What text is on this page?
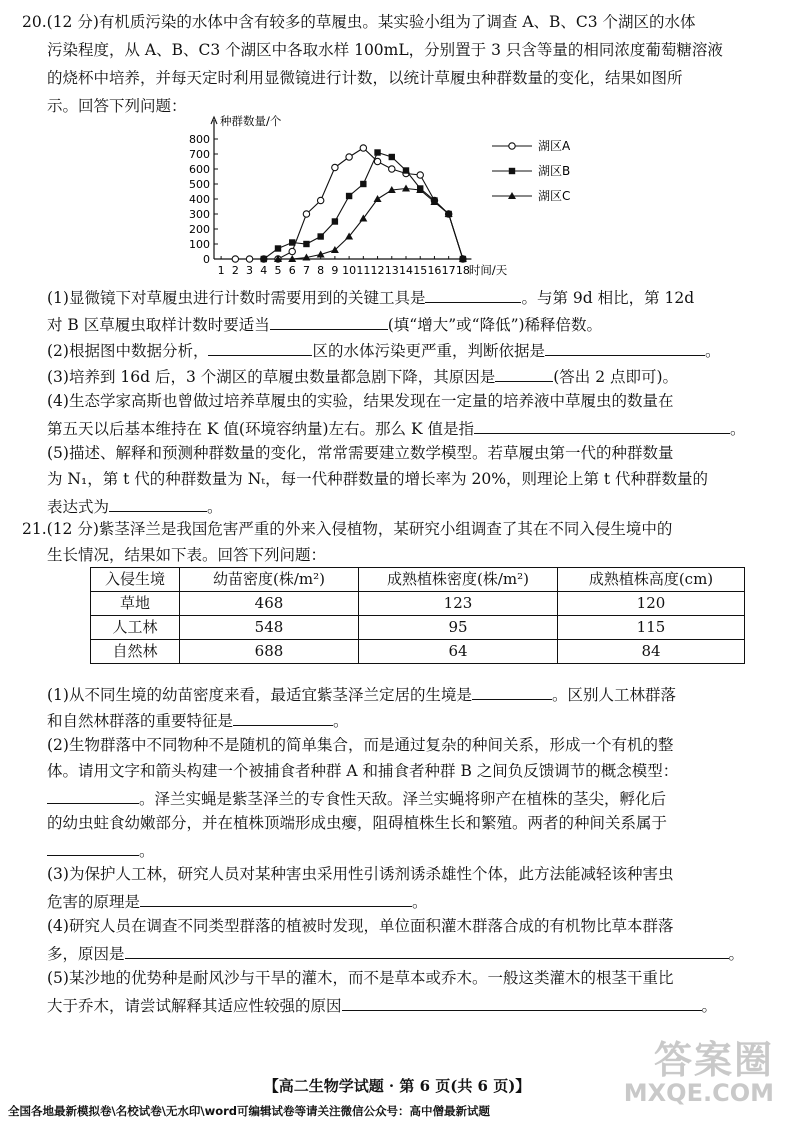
20.(12 分)有机质污染的水体中含有较多的草履虫。某实验小组为了调查 A、B、C3 个湖区的水体
污染程度，从 A、B、C3 个湖区中各取水样 100mL，分别置于 3 只含等量的相同浓度葡萄糖溶液
的烧杯中培养，并每天定时利用显微镜进行计数，以统计草履虫种群数量的变化，结果如图所
示。回答下列问题：
0
100
200
300
400
500
600
700
800
1 2 3 4 5 6 7 8 9 10 11 12 13 14 15 16 17 18
种群数量/个
时间/天
湖区A
湖区B
湖区C
(1)显微镜下对草履虫进行计数时需要用到的关键工具是	。与第 9d 相比，第 12d
对 B 区草履虫取样计数时要适当	(填“增大”或“降低”)稀释倍数。
(2)根据图中数据分析，	区的水体污染更严重，判断依据是	。
(3)培养到 16d 后，3 个湖区的草履虫数量都急剧下降，其原因是	(答出 2 点即可)。
(4)生态学家高斯也曾做过培养草履虫的实验，结果发现在一定量的培养液中草履虫的数量在
第五天以后基本维持在 K 值(环境容纳量)左右。那么 K 值是指	。
(5)描述、解释和预测种群数量的变化，常常需要建立数学模型。若草履虫第一代的种群数量
为 N₁，第 t 代的种群数量为 Nₜ，每一代种群数量的增长率为 20%，则理论上第 t 代种群数量的
表达式为	。
21.(12 分)紫茎泽兰是我国危害严重的外来入侵植物，某研究小组调查了其在不同入侵生境中的
生长情况，结果如下表。回答下列问题：
入侵生境	幼苗密度(株/m²)	成熟植株密度(株/m²)	成熟植株高度(cm)
草地	468	123	120
人工林	548	95	115
自然林	688	64	84
(1)从不同生境的幼苗密度来看，最适宜紫茎泽兰定居的生境是	。区别人工林群落
和自然林群落的重要特征是	。
(2)生物群落中不同物种不是随机的简单集合，而是通过复杂的种间关系，形成一个有机的整
体。请用文字和箭头构建一个被捕食者种群 A 和捕食者种群 B 之间负反馈调节的概念模型：
。泽兰实蝇是紫茎泽兰的专食性天敌。泽兰实蝇将卵产在植株的茎尖，孵化后
的幼虫蛀食幼嫩部分，并在植株顶端形成虫瘿，阻碍植株生长和繁殖。两者的种间关系属于
。
(3)为保护人工林，研究人员对某种害虫采用性引诱剂诱杀雄性个体，此方法能减轻该种害虫
危害的原理是	。
(4)研究人员在调查不同类型群落的植被时发现，单位面积灌木群落合成的有机物比草本群落
多，原因是	。
(5)某沙地的优势种是耐风沙与干旱的灌木，而不是草本或乔木。一般这类灌木的根茎干重比
大于乔木，请尝试解释其适应性较强的原因	。
答案圈
MXQE.COM
【高二生物学试题 · 第 6 页(共 6 页)】
全国各地最新模拟卷\名校试卷\无水印\word可编辑试卷等请关注微信公众号：高中僧最新试题
